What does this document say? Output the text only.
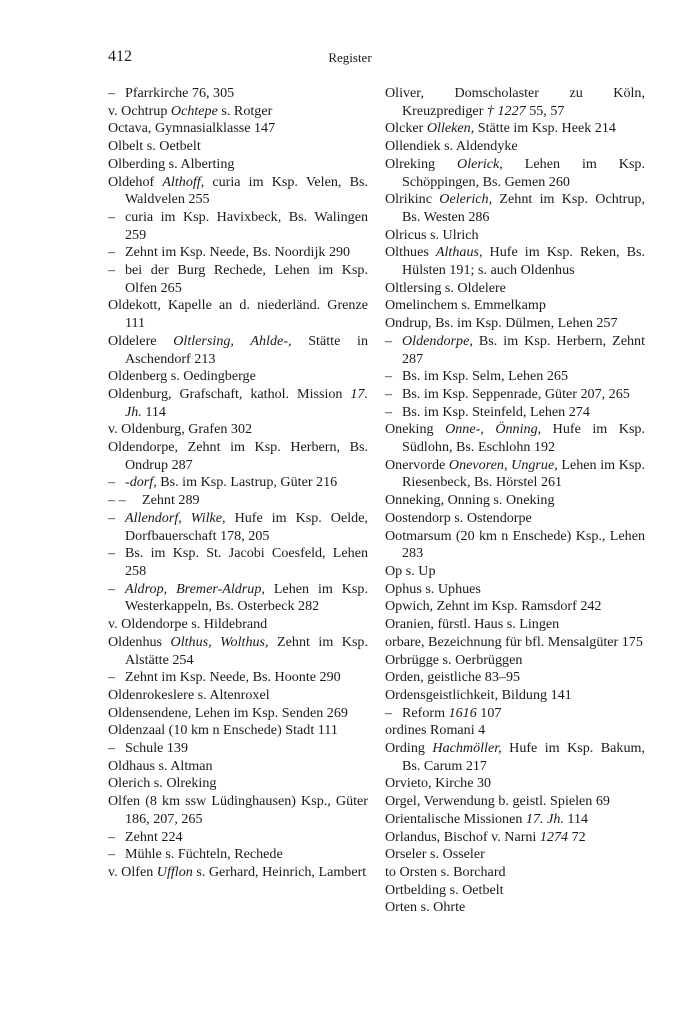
412	Register

– Pfarrkirche 76, 305

v. Ochtrup Ochtepe s. Rotger

Octava, Gymnasialklasse 147

Olbelt s. Oetbelt

Olberding s. Alberting

Oldehof Althoff, curia im Ksp. Velen, Bs. Waldvelen 255

– curia im Ksp. Havixbeck, Bs. Walingen 259

– Zehnt im Ksp. Neede, Bs. Noordijk 290

– bei der Burg Rechede, Lehen im Ksp. Olfen 265

Oldekott, Kapelle an d. niederländ. Grenze 111

Oldelere Oltlersing, Ahlde-, Stätte in Aschendorf 213

Oldenberg s. Oedingberge

Oldenburg, Grafschaft, kathol. Mission 17. Jh. 114

v. Oldenburg, Grafen 302

Oldendorpe, Zehnt im Ksp. Herbern, Bs. Ondrup 287

– -dorf, Bs. im Ksp. Lastrup, Güter 216

– – Zehnt 289

– Allendorf, Wilke, Hufe im Ksp. Oelde, Dorfbauerschaft 178, 205

– Bs. im Ksp. St. Jacobi Coesfeld, Lehen 258

– Aldrop, Bremer-Aldrup, Lehen im Ksp. Westerkappeln, Bs. Osterbeck 282

v. Oldendorpe s. Hildebrand

Oldenhus Olthus, Wolthus, Zehnt im Ksp. Alstätte 254

– Zehnt im Ksp. Neede, Bs. Hoonte 290

Oldenrokeslere s. Altenroxel

Oldensendene, Lehen im Ksp. Senden 269

Oldenzaal (10 km n Enschede) Stadt 111

– Schule 139

Oldhaus s. Altman

Olerich s. Olreking

Olfen (8 km ssw Lüdinghausen) Ksp., Güter 186, 207, 265

– Zehnt 224

– Mühle s. Füchteln, Rechede

v. Olfen Ufflon s. Gerhard, Heinrich, Lambert

Oliver, Domscholaster zu Köln, Kreuzprediger † 1227 55, 57

Olcker Olleken, Stätte im Ksp. Heek 214

Ollendiek s. Aldendyke

Olreking Olerick, Lehen im Ksp. Schöppingen, Bs. Gemen 260

Olrikinc Oelerich, Zehnt im Ksp. Ochtrup, Bs. Westen 286

Olricus s. Ulrich

Olthues Althaus, Hufe im Ksp. Reken, Bs. Hülsten 191; s. auch Oldenhus

Oltlersing s. Oldelere

Omelinchem s. Emmelkamp

Ondrup, Bs. im Ksp. Dülmen, Lehen 257

– Oldendorpe, Bs. im Ksp. Herbern, Zehnt 287

– Bs. im Ksp. Selm, Lehen 265

– Bs. im Ksp. Seppenrade, Güter 207, 265

– Bs. im Ksp. Steinfeld, Lehen 274

Oneking Onne-, Önning, Hufe im Ksp. Südlohn, Bs. Eschlohn 192

Onervorde Onevoren, Ungrue, Lehen im Ksp. Riesenbeck, Bs. Hörstel 261

Onneking, Onning s. Oneking

Oostendorp s. Ostendorpe

Ootmarsum (20 km n Enschede) Ksp., Lehen 283

Op s. Up

Ophus s. Uphues

Opwich, Zehnt im Ksp. Ramsdorf 242

Oranien, fürstl. Haus s. Lingen

orbare, Bezeichnung für bfl. Mensalgüter 175

Orbrügge s. Oerbrüggen

Orden, geistliche 83–95

Ordensgeistlichkeit, Bildung 141

– Reform 1616 107

ordines Romani 4

Ording Hachmöller, Hufe im Ksp. Bakum, Bs. Carum 217

Orvieto, Kirche 30

Orgel, Verwendung b. geistl. Spielen 69

Orientalische Missionen 17. Jh. 114

Orlandus, Bischof v. Narni 1274 72

Orseler s. Osseler

to Orsten s. Borchard

Ortbelding s. Oetbelt

Orten s. Ohrte
